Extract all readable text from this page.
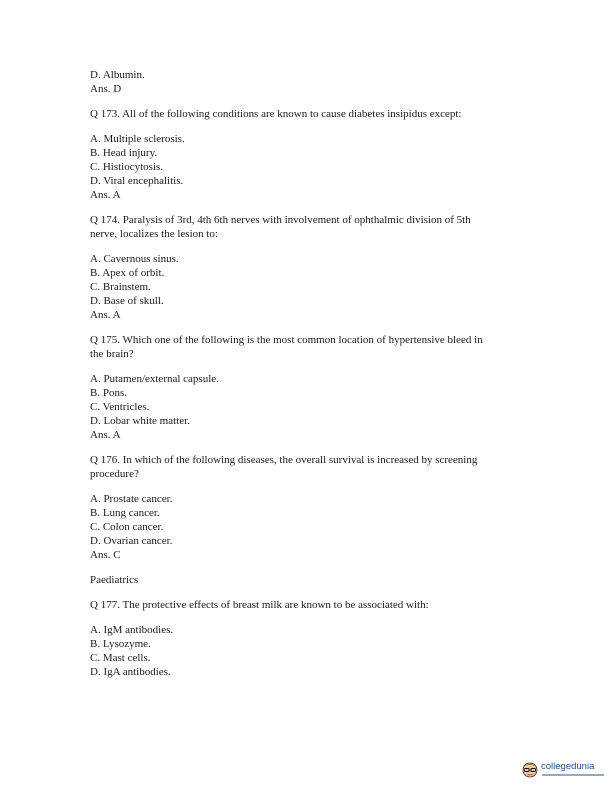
D. Albumin.
Ans. D
Q 173. All of the following conditions are known to cause diabetes insipidus except:
A. Multiple sclerosis.
B. Head injury.
C. Histiocytosis.
D. Viral encephalitis.
Ans. A
Q 174. Paralysis of 3rd, 4th 6th nerves with involvement of ophthalmic division of 5th
nerve, localizes the lesion to:
A. Cavernous sinus.
B. Apex of orbit.
C. Brainstem.
D. Base of skull.
Ans. A
Q 175. Which one of the following is the most common location of hypertensive bleed in
the brain?
A. Putamen/external capsule.
B. Pons.
C. Ventricles.
D. Lobar white matter.
Ans. A
Q 176. In which of the following diseases, the overall survival is increased by screening
procedure?
A. Prostate cancer.
B. Lung cancer.
C. Colon cancer.
D. Ovarian cancer.
Ans. C
Paediatrics
Q 177. The protective effects of breast milk are known to be associated with:
A. IgM antibodies.
B. Lysozyme.
C. Mast cells.
D. IgA antibodies.
collegedunia
